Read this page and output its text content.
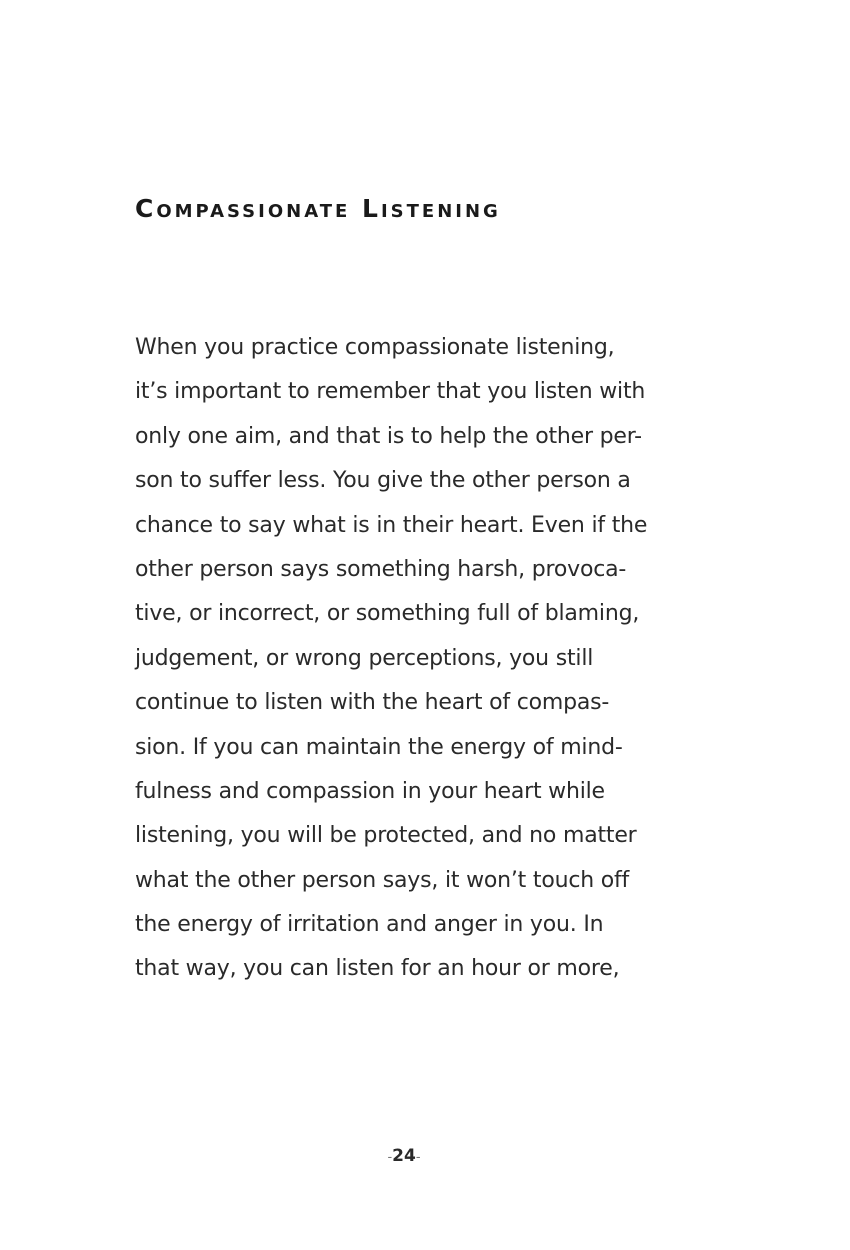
Compassionate Listening
When you practice compassionate listening,
it’s important to remember that you listen with
only one aim, and that is to help the other per-
son to suffer less. You give the other person a
chance to say what is in their heart. Even if the
other person says something harsh, provoca-
tive, or incorrect, or something full of blaming,
judgement, or wrong perceptions, you still
continue to listen with the heart of compas-
sion. If you can maintain the energy of mind-
fulness and compassion in your heart while
listening, you will be protected, and no matter
what the other person says, it won’t touch off
the energy of irritation and anger in you. In
that way, you can listen for an hour or more,
-24-
